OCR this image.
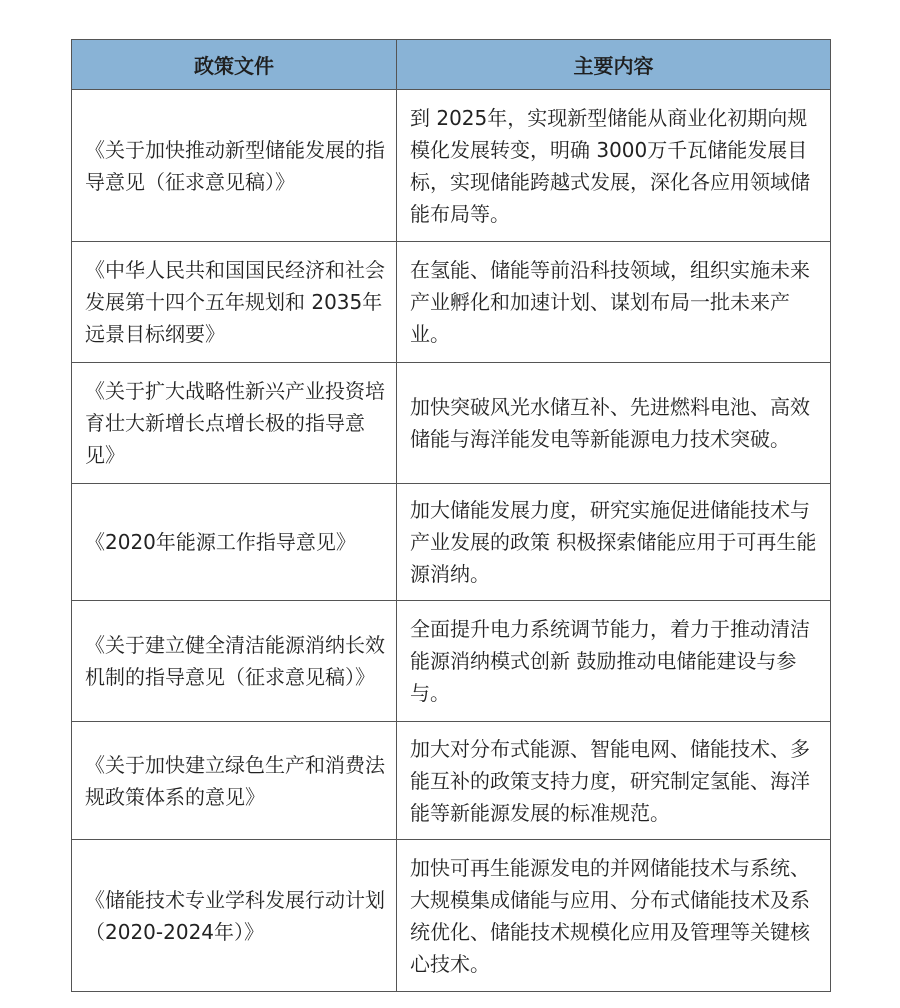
政策文件	主要内容
《关于加快推动新型储能发展的指导意见（征求意见稿）》	到 2025年，实现新型储能从商业化初期向规模化发展转变，明确 3000万千瓦储能发展目标，实现储能跨越式发展，深化各应用领域储能布局等。
《中华人民共和国国民经济和社会发展第十四个五年规划和 2035年远景目标纲要》	在氢能、储能等前沿科技领域，组织实施未来产业孵化和加速计划、谋划布局一批未来产业。
《关于扩大战略性新兴产业投资培育壮大新增长点增长极的指导意见》	加快突破风光水储互补、先进燃料电池、高效储能与海洋能发电等新能源电力技术突破。
《2020年能源工作指导意见》	加大储能发展力度，研究实施促进储能技术与产业发展的政策 积极探索储能应用于可再生能源消纳。
《关于建立健全清洁能源消纳长效机制的指导意见（征求意见稿）》	全面提升电力系统调节能力，着力于推动清洁能源消纳模式创新 鼓励推动电储能建设与参与。
《关于加快建立绿色生产和消费法规政策体系的意见》	加大对分布式能源、智能电网、储能技术、多能互补的政策支持力度，研究制定氢能、海洋能等新能源发展的标准规范。
《储能技术专业学科发展行动计划（2020-2024年）》	加快可再生能源发电的并网储能技术与系统、大规模集成储能与应用、分布式储能技术及系统优化、储能技术规模化应用及管理等关键核心技术。
